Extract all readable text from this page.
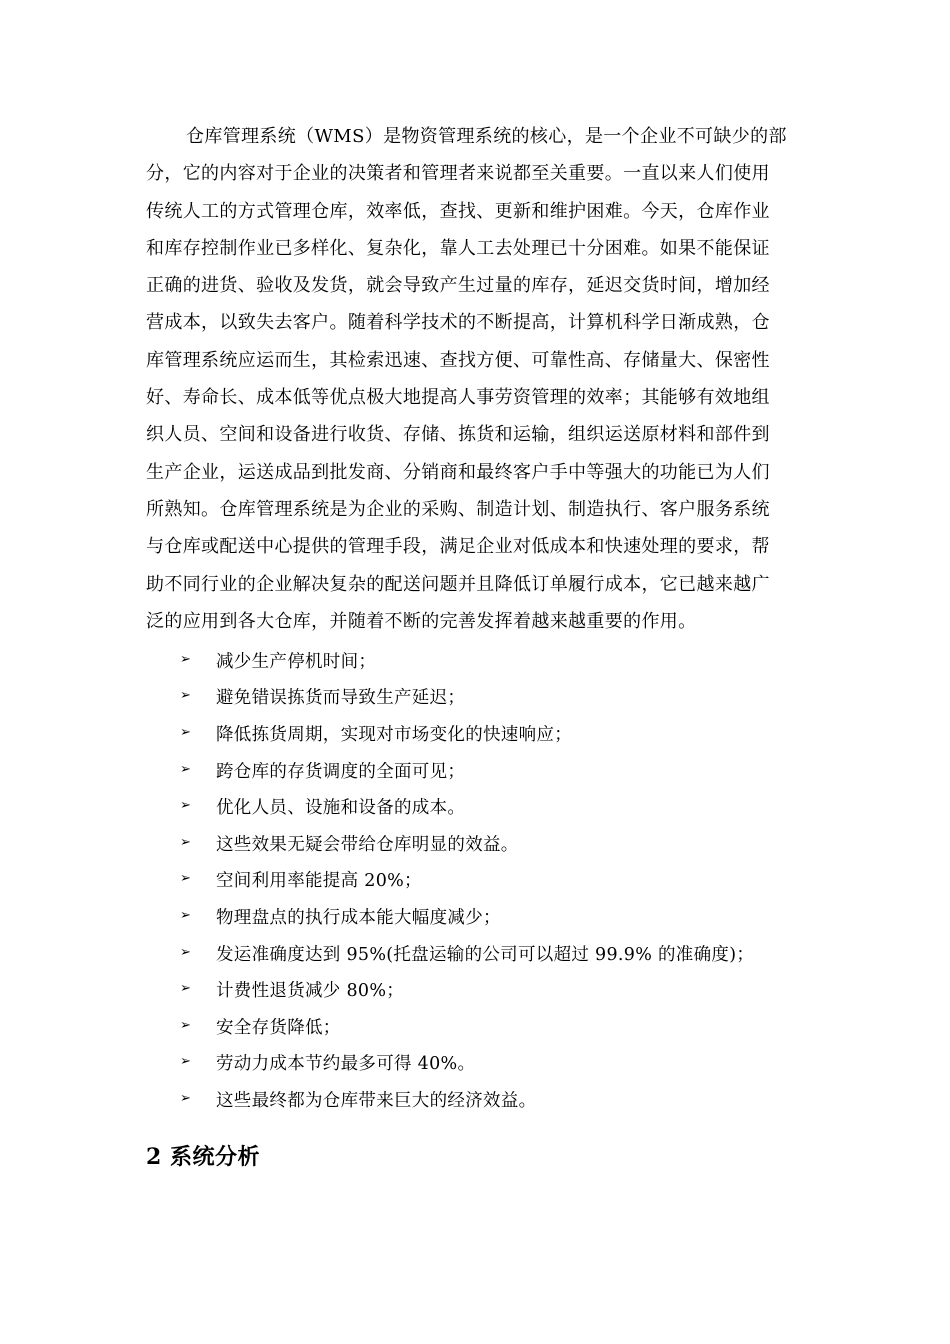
仓库管理系统（WMS）是物资管理系统的核心，是一个企业不可缺少的部
分，它的内容对于企业的决策者和管理者来说都至关重要。一直以来人们使用
传统人工的方式管理仓库，效率低，查找、更新和维护困难。今天，仓库作业
和库存控制作业已多样化、复杂化，靠人工去处理已十分困难。如果不能保证
正确的进货、验收及发货，就会导致产生过量的库存，延迟交货时间，增加经
营成本，以致失去客户。随着科学技术的不断提高，计算机科学日渐成熟，仓
库管理系统应运而生，其检索迅速、查找方便、可靠性高、存储量大、保密性
好、寿命长、成本低等优点极大地提高人事劳资管理的效率；其能够有效地组
织人员、空间和设备进行收货、存储、拣货和运输，组织运送原材料和部件到
生产企业，运送成品到批发商、分销商和最终客户手中等强大的功能已为人们
所熟知。仓库管理系统是为企业的采购、制造计划、制造执行、客户服务系统
与仓库或配送中心提供的管理手段，满足企业对低成本和快速处理的要求，帮
助不同行业的企业解决复杂的配送问题并且降低订单履行成本，它已越来越广
泛的应用到各大仓库，并随着不断的完善发挥着越来越重要的作用。
➢	减少生产停机时间；
➢	避免错误拣货而导致生产延迟；
➢	降低拣货周期，实现对市场变化的快速响应；
➢	跨仓库的存货调度的全面可见；
➢	优化人员、设施和设备的成本。
➢	这些效果无疑会带给仓库明显的效益。
➢	空间利用率能提高 20%；
➢	物理盘点的执行成本能大幅度减少；
➢	发运准确度达到 95%(托盘运输的公司可以超过 99.9% 的准确度)；
➢	计费性退货减少 80%；
➢	安全存货降低；
➢	劳动力成本节约最多可得 40%。
➢	这些最终都为仓库带来巨大的经济效益。
2 系统分析
